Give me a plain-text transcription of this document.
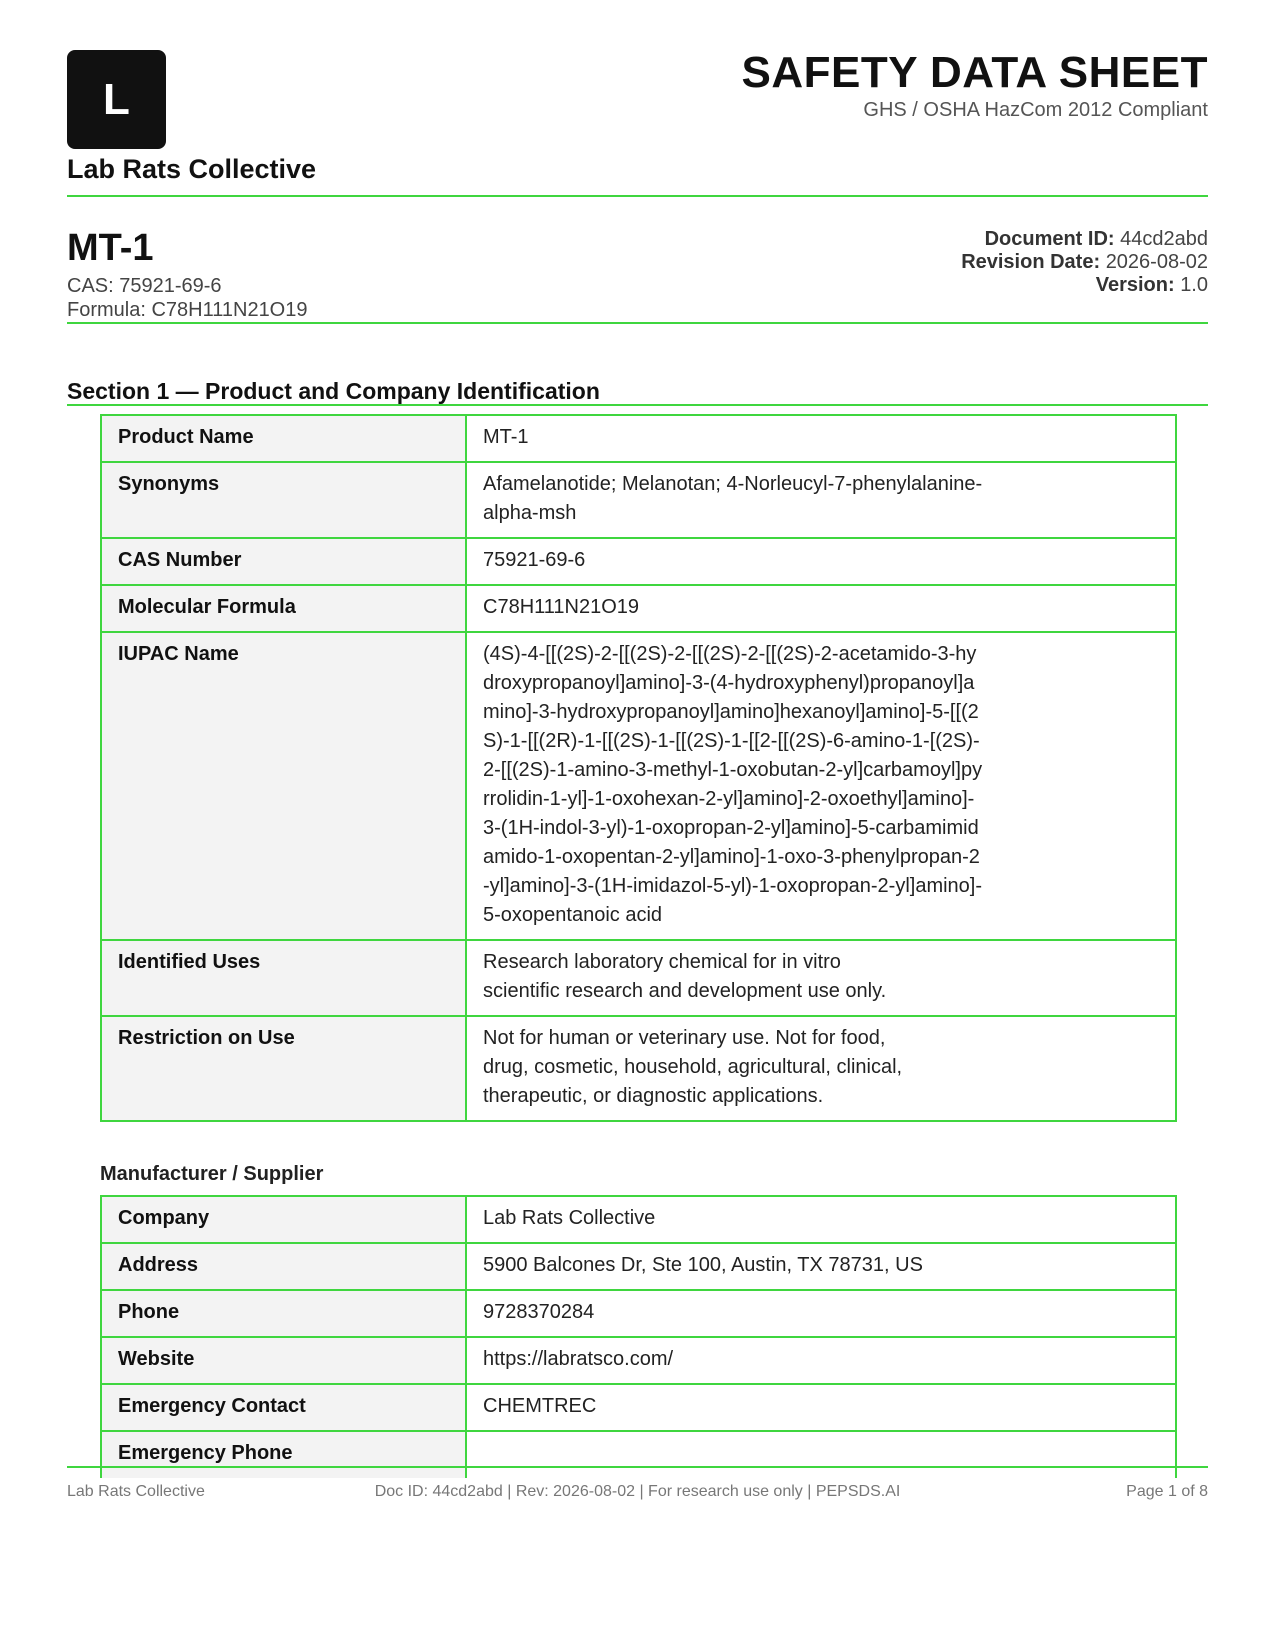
L
Lab Rats Collective
SAFETY DATA SHEET
GHS / OSHA HazCom 2012 Compliant
MT-1
CAS: 75921-69-6
Formula: C78H111N21O19
Document ID: 44cd2abd
Revision Date: 2026-08-02
Version: 1.0
Section 1 — Product and Company Identification
Product Name	MT-1
Synonyms	Afamelanotide; Melanotan; 4-Norleucyl-7-phenylalanine-alpha-msh

CAS Number	75921-69-6
Molecular Formula	C78H111N21O19
IUPAC Name	(4S)-4-[[(2S)-2-[[(2S)-2-[[(2S)-2-[[(2S)-2-acetamido-3-hydroxypropanoyl]amino]-3-(4-hydroxyphenyl)propanoyl]amino]-3-hydroxypropanoyl]amino]hexanoyl]amino]-5-[[(2S)-1-[[(2R)-1-[[(2S)-1-[[(2S)-1-[[2-[[(2S)-6-amino-1-[(2S)-2-[[(2S)-1-amino-3-methyl-1-oxobutan-2-yl]carbamoyl]pyrrolidin-1-yl]-1-oxohexan-2-yl]amino]-2-oxoethyl]amino]-3-(1H-indol-3-yl)-1-oxopropan-2-yl]amino]-5-carbamimidamido-1-oxopentan-2-yl]amino]-1-oxo-3-phenylpropan-2-yl]amino]-3-(1H-imidazol-5-yl)-1-oxopropan-2-yl]amino]-5-oxopentanoic acid

Identified Uses	Research laboratory chemical for in vitro scientific research and development use only.

Restriction on Use	Not for human or veterinary use. Not for food, drug, cosmetic, household, agricultural, clinical, therapeutic, or diagnostic applications.
Manufacturer / Supplier
Company	Lab Rats Collective
Address	5900 Balcones Dr, Ste 100, Austin, TX 78731, US
Phone	9728370284
Website	https://labratsco.com/
Emergency Contact	CHEMTREC
Emergency Phone	
Lab Rats Collective	Doc ID: 44cd2abd | Rev: 2026-08-02 | For research use only | PEPSDS.AI	Page 1 of 8
